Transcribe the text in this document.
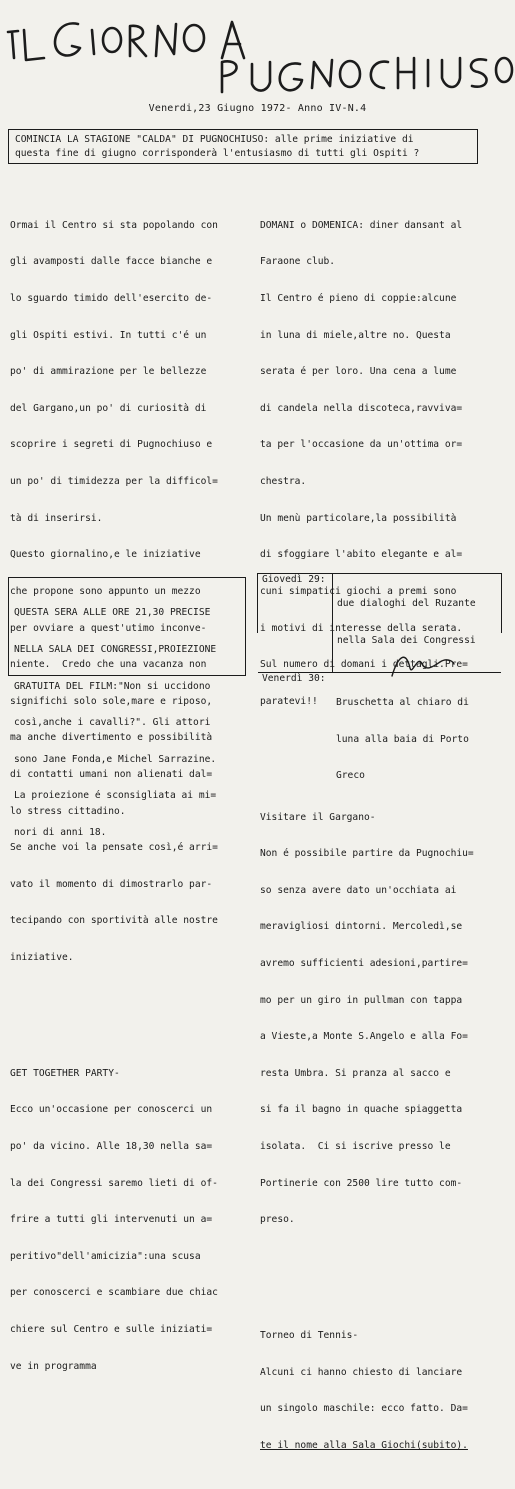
Venerdi,23 Giugno 1972- Anno IV-N.4
COMINCIA LA STAGIONE "CALDA" DI PUGNOCHIUSO: alle prime iniziative di
questa fine di giugno corrisponderà l'entusiasmo di tutti gli Ospiti ?

Ormai il Centro si sta popolando con

gli avamposti dalle facce bianche e

lo sguardo timido dell'esercito de-

gli Ospiti estivi. In tutti c'é un

po' di ammirazione per le bellezze

del Gargano,un po' di curiosità di

scoprire i segreti di Pugnochiuso e

un po' di timidezza per la difficol=

tà di inserirsi.

Questo giornalino,e le iniziative

che propone sono appunto un mezzo

per ovviare a quest'utimo inconve-

niente.  Credo che una vacanza non

significhi solo sole,mare e riposo,

ma anche divertimento e possibilità

di contatti umani non alienati dal=

lo stress cittadino.

Se anche voi la pensate così,é arri=

vato il momento di dimostrarlo par-

tecipando con sportività alle nostre

iniziative.

GET TOGETHER PARTY-

Ecco un'occasione per conoscerci un

po' da vicino. Alle 18,30 nella sa=

la dei Congressi saremo lieti di of-

frire a tutti gli intervenuti un a=

peritivo"dell'amicizia":una scusa

per conoscerci e scambiare due chiac

chiere sul Centro e sulle iniziati=

ve in programma

DOMANI o DOMENICA: diner dansant al

Faraone club.

Il Centro é pieno di coppie:alcune

in luna di miele,altre no. Questa

serata é per loro. Una cena a lume

di candela nella discoteca,ravviva=

ta per l'occasione da un'ottima or=

chestra.

Un menù particolare,la possibilità

di sfoggiare l'abito elegante e al=

cuni simpatici giochi a premi sono

i motivi di interesse della serata.

Sul numero di domani i dettagli.Pre=

paratevi!!

Visitare il Gargano-

Non é possibile partire da Pugnochiu=

so senza avere dato un'occhiata ai

meravigliosi dintorni. Mercoledì,se

avremo sufficienti adesioni,partire=

mo per un giro in pullman con tappa

a Vieste,a Monte S.Angelo e alla Fo=

resta Umbra. Si pranza al sacco e

si fa il bagno in quache spiaggetta

isolata.  Ci si iscrive presso le

Portinerie con 2500 lire tutto com-

preso.

Torneo di Tennis-

Alcuni ci hanno chiesto di lanciare

un singolo maschile: ecco fatto. Da=

te il nome alla Sala Giochi(subito).

QUESTA SERA ALLE ORE 21,30 PRECISE

NELLA SALA DEI CONGRESSI,PROIEZIONE

GRATUITA DEL FILM:"Non si uccidono

così,anche i cavalli?". Gli attori

sono Jane Fonda,e Michel Sarrazine.

La proiezione é sconsigliata ai mi=

nori di anni 18.

Giovedì 29:

due dialoghi del Ruzante

nella Sala dei Congressi

Venerdì 30:

Bruschetta al chiaro di

luna alla baia di Porto

Greco
